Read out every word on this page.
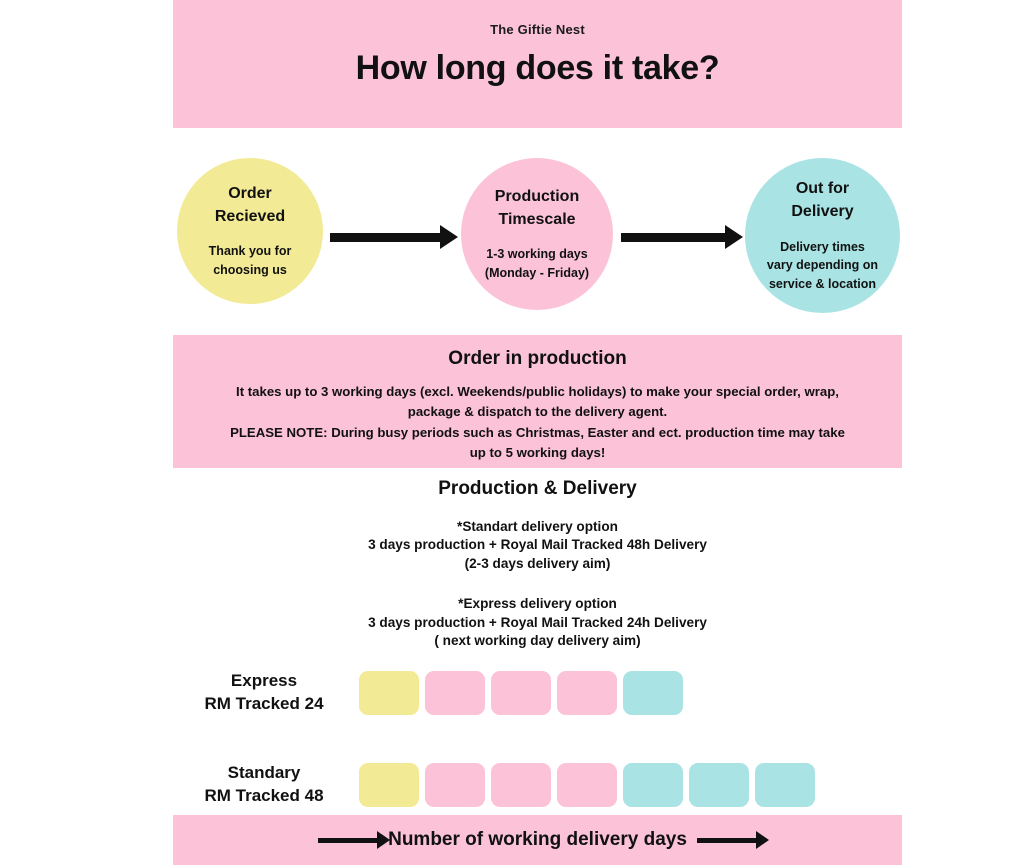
The Giftie Nest
How long does it take?
Order
Recieved
Thank you for
choosing us
Production
Timescale
1-3 working days
(Monday - Friday)
Out for
Delivery
Delivery times
vary depending on
service & location
Order in production

It takes up to 3 working days (excl. Weekends/public holidays) to make your special order, wrap,

package & dispatch to the delivery agent.

PLEASE NOTE: During busy periods such as Christmas, Easter and ect. production time may take

up to 5 working days!

Production & Delivery

*Standart delivery option

3 days production + Royal Mail Tracked 48h Delivery

(2-3 days delivery aim)

*Express delivery option

3 days production + Royal Mail Tracked 24h Delivery

( next working day delivery aim)

Express
RM Tracked 24
Standary
RM Tracked 48
Number of working delivery days
